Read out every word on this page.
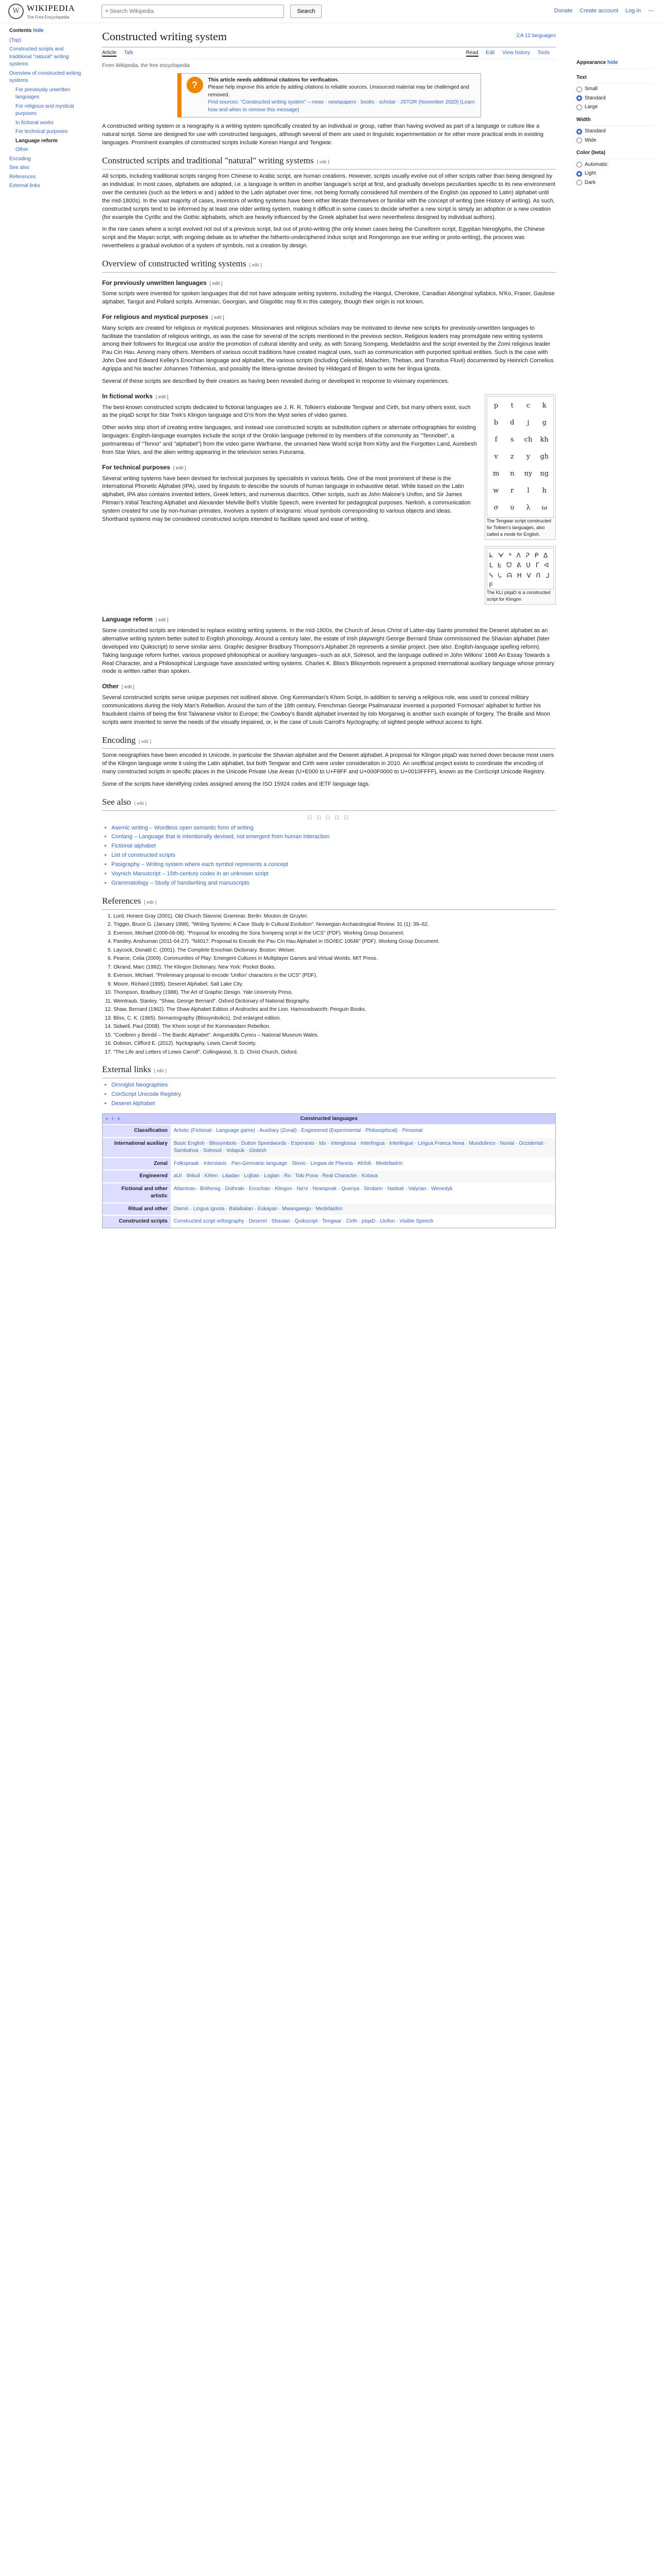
W WIKIPEDIA
The Free Encyclopedia
⌕
Search Wikipedia	Search	Donate Create account Log in ⋯
Contents hide
(Top)
Constructed scripts and traditional "natural" writing systems
Overview of constructed writing systems
For previously unwritten languages
For religious and mystical purposes
In fictional works
For technical purposes
Language reform
Other
Encoding
See also
References
External links
Constructed writing system	文A 12 languages
Article Talk	Read Edit View history Tools
From Wikipedia, the free encyclopedia
?	This article needs additional citations for verification.
Please help improve this article by adding citations to reliable sources. Unsourced material may be challenged and removed.
Find sources: "Constructed writing system" – news · newspapers · books · scholar · JSTOR (November 2020) (Learn how and when to remove this message)

A constructed writing system or a neography is a writing system specifically created by an individual or group, rather than having evolved as part of a language or culture like a natural script. Some are designed for use with constructed languages, although several of them are used in linguistic experimentation or for other more practical ends in existing languages. Prominent examples of constructed scripts include Korean Hangul and Tengwar.

Constructed scripts and traditional "natural" writing systems [ edit ]

All scripts, including traditional scripts ranging from Chinese to Arabic script, are human creations. However, scripts usually evolve out of other scripts rather than being designed by an individual. In most cases, alphabets are adopted, i.e. a language is written in another language's script at first, and gradually develops peculiarities specific to its new environment over the centuries (such as the letters w and j added to the Latin alphabet over time, not being formally considered full members of the English (as opposed to Latin) alphabet until the mid-1800s). In the vast majority of cases, inventors of writing systems have been either literate themselves or familiar with the concept of writing (see History of writing). As such, constructed scripts tend to be informed by at least one older writing system, making it difficult in some cases to decide whether a new script is simply an adoption or a new creation (for example the Cyrillic and the Gothic alphabets, which are heavily influenced by the Greek alphabet but were nevertheless designed by individual authors).

In the rare cases where a script evolved not out of a previous script, but out of proto-writing (the only known cases being the Cuneiform script, Egyptian hieroglyphs, the Chinese script and the Mayan script, with ongoing debate as to whether the hitherto-undeciphered Indus script and Rongorongo are true writing or proto-writing), the process was nevertheless a gradual evolution of a system of symbols, not a creation by design.

Overview of constructed writing systems [ edit ]
For previously unwritten languages [ edit ]

Some scripts were invented for spoken languages that did not have adequate writing systems, including the Hangul, Cherokee, Canadian Aboriginal syllabics, N'Ko, Fraser, Gaulose alphabet, Tangut and Pollard scripts. Armenian, Georgian, and Glagolitic may fit in this category, though their origin is not known.

For religious and mystical purposes [ edit ]

Many scripts are created for religious or mystical purposes. Missionaries and religious scholars may be motivated to devise new scripts for previously-unwritten languages to facilitate the translation of religious writings, as was the case for several of the scripts mentioned in the previous section. Religious leaders may promulgate new writing systems among their followers for liturgical use and/or the promotion of cultural identity and unity, as with Sorang Sompeng, Medefaidrin and the script invented by the Zomi religious leader Pau Cin Hau. Among many others. Members of various occult traditions have created magical uses, such as communication with purported spiritual entities. Such is the case with John Dee and Edward Kelley's Enochian language and alphabet, the various scripts (including Celestial, Malachim, Theban, and Transitus Fluvii) documented by Heinrich Cornelius Agrippa and his teacher Johannes Trithemius, and possibly the littera-ignotae devised by Hildegard of Bingen to write her lingua ignota.

Several of these scripts are described by their creators as having been revealed during or developed in response to visionary experiences.

p	t	c	k
b	d	j	g
f	s	ch	kh
v	z	y	gh
m	n	ny	ng
w	r	l	h
σ	υ	λ	ω
The Tengwar script constructed for Tolkien's languages, also called a mode for English.
In fictional works [ edit ]

The best-known constructed scripts dedicated to fictional languages are J. R. R. Tolkien's elaborate Tengwar and Cirth, but many others exist, such as the pIqaD script for Star Trek's Klingon language and D'ni from the Myst series of video games.

Other works stop short of creating entire languages, and instead use constructed scripts as substitution ciphers or alternate orthographies for existing languages: English-language examples include the script of the Orokin language (referred to by members of the community as "Tennobet", a portmanteau of "Tenno" and "alphabet") from the video game Warframe, the unnamed New World script from Kirby and the Forgotten Land, Aurebesh from Star Wars, and the alien writing appearing in the television series Futurama.

ᖾ ᗄ ᒃ ᐱ ᕈ ᑭ ᐃ ᒪ ᖶ ᗜ ᕕ ᑌ ᒥ ᐊ ᓭ ᘂ ᗩ ᕼ ᐯ ᑎ ᒧ ᖴ
The KLI pIqaD is a constructed script for Klingon
For technical purposes [ edit ]

Several writing systems have been devised for technical purposes by specialists in various fields. One of the most prominent of these is the International Phonetic Alphabet (IPA), used by linguists to describe the sounds of human language in exhaustive detail. While based on the Latin alphabet, IPA also contains invented letters, Greek letters, and numerous diacritics. Other scripts, such as John Malone's Unifon, and Sir James Pitman's Initial Teaching Alphabet and Alexander Melville Bell's Visible Speech, were invented for pedagogical purposes. Nerkish, a communication system created for use by non-human primates, involves a system of lexigrams: visual symbols corresponding to various objects and ideas. Shorthand systems may be considered constructed scripts intended to facilitate speed and ease of writing.

Language reform [ edit ]

Some constructed scripts are intended to replace existing writing systems. In the mid-1800s, the Church of Jesus Christ of Latter-day Saints promoted the Deseret alphabet as an alternative writing system better suited to English phonology. Around a century later, the estate of Irish playwright George Bernard Shaw commissioned the Shavian alphabet (later developed into Quikscript) to serve similar aims. Graphic designer Bradbury Thompson's Alphabet 26 represents a similar project. (see also: English-language spelling reform). Taking language reform further, various proposed philosophical or auxiliary languages--such as aUI, Solresol, and the language outlined in John Wilkins' 1668 An Essay Towards a Real Character, and a Philosophical Language have associated writing systems. Charles K. Bliss's Blissymbols represent a proposed international auxiliary language whose primary mode is written rather than spoken.

Other [ edit ]

Several constructed scripts serve unique purposes not outlined above. Ong Kommandan's Khom Script, in addition to serving a religious role, was used to conceal military communications during the Holy Man's Rebellion. Around the turn of the 18th century, Frenchman George Psalmanazar invented a purported 'Formosan' alphabet to further his fraudulent claims of being the first Taiwanese visitor to Europe; the Cowboy's Bandit alphabet invented by Iolo Morganwg is another such example of forgery. The Braille and Moon scripts were invented to serve the needs of the visually impaired, or, in the case of Louis Carroll's Nyctography, of sighted people without access to light.

Encoding [ edit ]

Some neographies have been encoded in Unicode, in particular the Shavian alphabet and the Deseret alphabet. A proposal for Klingon pIqaD was turned down because most users of the Klingon language wrote it using the Latin alphabet, but both Tengwar and Cirth were under consideration in 2010. An unofficial project exists to coordinate the encoding of many constructed scripts in specific places in the Unicode Private Use Areas (U+E000 to U+F8FF and U+000F0000 to U+0010FFFF), known as the ConScript Unicode Registry.

Some of the scripts have identifying codes assigned among the ISO 15924 codes and IETF language tags.

See also [ edit ]
□ □ □ □ □
• Asemic writing – Wordless open semantic form of writing
• Conlang – Language that is intentionally devised, not emergent from human interaction
• Fictional alphabet
• List of constructed scripts
• Pasigraphy – Writing system where each symbol represents a concept
• Voynich Manuscript – 15th-century codex in an unknown script
• Grammatology – Study of handwriting and manuscripts
References [ edit ]
1. Lord, Horace Gray (2001). Old Church Slavonic Grammar. Berlin: Mouton de Gruyter.
2. Trigger, Bruce G. (January 1998). "Writing Systems: A Case Study in Cultural Evolution". Norwegian Archaeological Review. 31 (1): 39–62.
3. Everson, Michael (2009-06-08). "Proposal for encoding the Sora Sompeng script in the UCS" (PDF). Working Group Document.
4. Pandey, Anshuman (2011-04-27). "N4017: Proposal to Encode the Pau Cin Hau Alphabet in ISO/IEC 10646" (PDF). Working Group Document.
5. Laycock, Donald C. (2001). The Complete Enochian Dictionary. Boston: Weiser.
6. Pearce, Celia (2009). Communities of Play: Emergent Cultures in Multiplayer Games and Virtual Worlds. MIT Press.
7. Okrand, Marc (1992). The Klingon Dictionary. New York: Pocket Books.
8. Everson, Michael. "Preliminary proposal to encode 'Unifon' characters in the UCS" (PDF).
9. Moore, Richard (1995). Deseret Alphabet. Salt Lake City.
10. Thompson, Bradbury (1988). The Art of Graphic Design. Yale University Press.
11. Weintraub, Stanley. "Shaw, George Bernard". Oxford Dictionary of National Biography.
12. Shaw, Bernard (1962). The Shaw Alphabet Edition of Androcles and the Lion. Harmondsworth: Penguin Books.
13. Bliss, C. K. (1965). Semantography (Blissymbolics). 2nd enlarged edition.
14. Sidwell, Paul (2008). The Khom script of the Kommandam Rebellion.
15. "Coelbren y Beirdd – The Bardic Alphabet". Amgueddfa Cymru – National Museum Wales.
16. Dobson, Clifford E. (2012). Nyctography. Lewis Carroll Society.
17. "The Life and Letters of Lewis Carroll". Collingwood, S. D. Christ Church, Oxford.
External links [ edit ]
• Omniglot Neographies
• ConScript Unicode Registry
• Deseret Alphabet
v · t · e	Constructed languages
Classification	Artistic (Fictional · Language game) · Auxiliary (Zonal) · Engineered (Experimental · Philosophical) · Personal
International auxiliary	Basic English · Blissymbols · Dutton Speedwords · Esperanto · Ido · Interglossa · Interlingua · Interlingue · Lingua Franca Nova · Mundolinco · Novial · Occidental · Sambahsa · Solresol · Volapük · Globish
Zonal	Folkspraak · Interslavic · Pan-Germanic language · Slovio · Lingwa de Planeta · Afrihili · Medefaidrin
Engineered	aUI · Ithkuil · Kēlen · Láadan · Lojban · Loglan · Ro · Toki Pona · Real Character · Kotava
Fictional and other artistic
Atlantean · Brithenig · Dothraki · Enochian · Klingon · Na'vi · Newspeak · Quenya · Sindarin · Nadsat · Valyrian · Wenedyk
Ritual and other	Damin · Lingua Ignota · Balaibalan · Eskayan · Mwangwego · Medefaidrin
Constructed scripts	Constructed script orthography · Deseret · Shavian · Quikscript · Tengwar · Cirth · pIqaD · Unifon · Visible Speech
Appearance hide
Text
Small
Standard
Large
Width
Standard
Wide
Color (beta)
Automatic
Light
Dark
